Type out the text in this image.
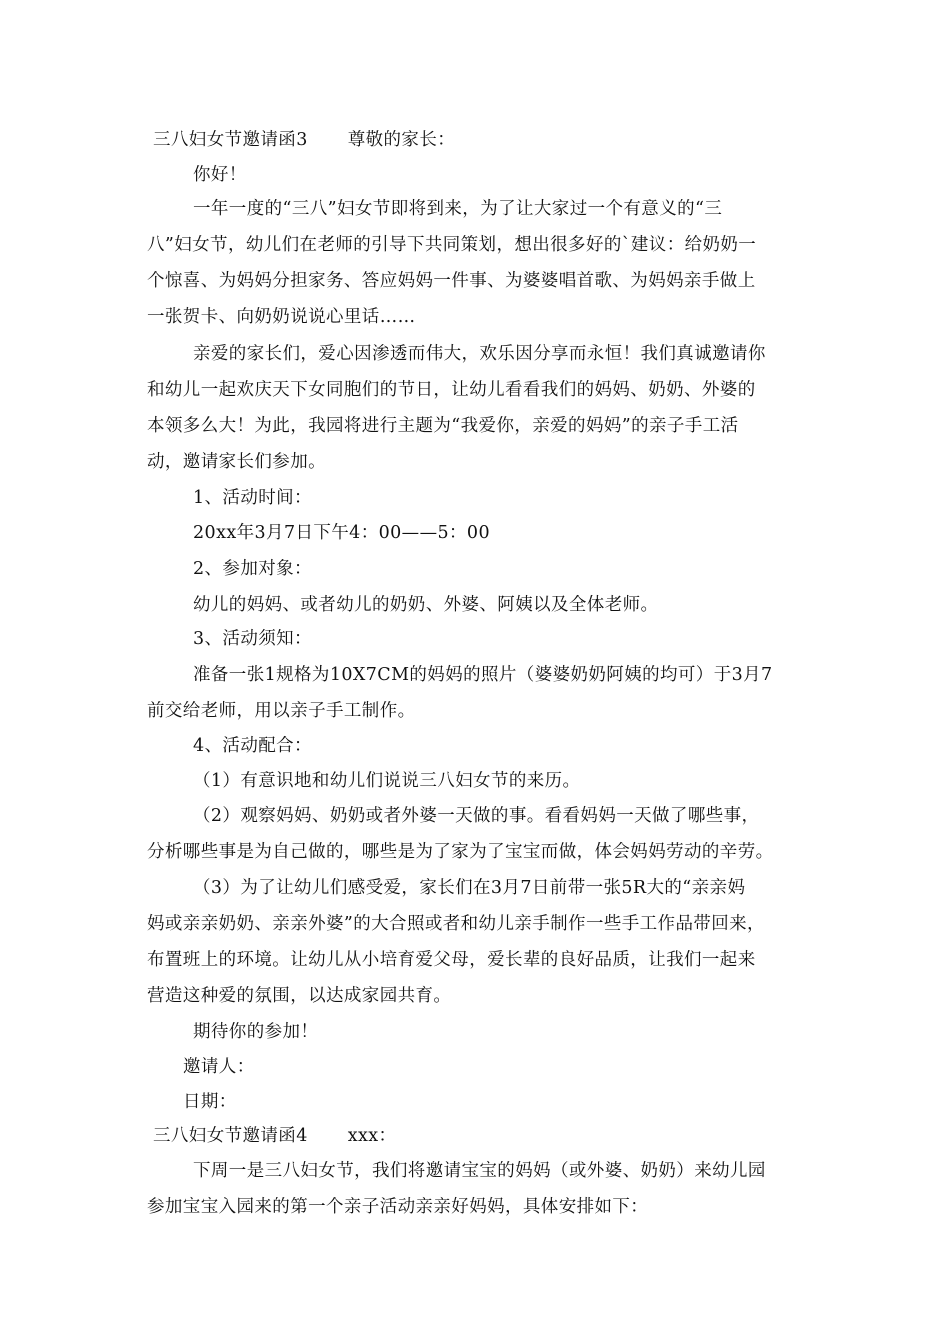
三八妇女节邀请函3 尊敬的家长：
你好！
一年一度的“三八”妇女节即将到来，为了让大家过一个有意义的“三
八”妇女节，幼儿们在老师的引导下共同策划，想出很多好的`建议：给奶奶一
个惊喜、为妈妈分担家务、答应妈妈一件事、为婆婆唱首歌、为妈妈亲手做上
一张贺卡、向奶奶说说心里话……
亲爱的家长们，爱心因渗透而伟大，欢乐因分享而永恒！我们真诚邀请你
和幼儿一起欢庆天下女同胞们的节日，让幼儿看看我们的妈妈、奶奶、外婆的
本领多么大！为此，我园将进行主题为“我爱你，亲爱的妈妈”的亲子手工活
动，邀请家长们参加。
1、活动时间：
20xx年3月7日下午4：00——5：00
2、参加对象：
幼儿的妈妈、或者幼儿的奶奶、外婆、阿姨以及全体老师。
3、活动须知：
准备一张1规格为10X7CM的妈妈的照片（婆婆奶奶阿姨的均可）于3月7
前交给老师，用以亲子手工制作。
4、活动配合：
（1）有意识地和幼儿们说说三八妇女节的来历。
（2）观察妈妈、奶奶或者外婆一天做的事。看看妈妈一天做了哪些事，
分析哪些事是为自己做的，哪些是为了家为了宝宝而做，体会妈妈劳动的辛劳。
（3）为了让幼儿们感受爱，家长们在3月7日前带一张5R大的“亲亲妈
妈或亲亲奶奶、亲亲外婆”的大合照或者和幼儿亲手制作一些手工作品带回来，
布置班上的环境。让幼儿从小培育爱父母，爱长辈的良好品质，让我们一起来
营造这种爱的氛围，以达成家园共育。
期待你的参加！
邀请人：
日期：
三八妇女节邀请函4 xxx：
下周一是三八妇女节，我们将邀请宝宝的妈妈（或外婆、奶奶）来幼儿园
参加宝宝入园来的第一个亲子活动亲亲好妈妈，具体安排如下：
